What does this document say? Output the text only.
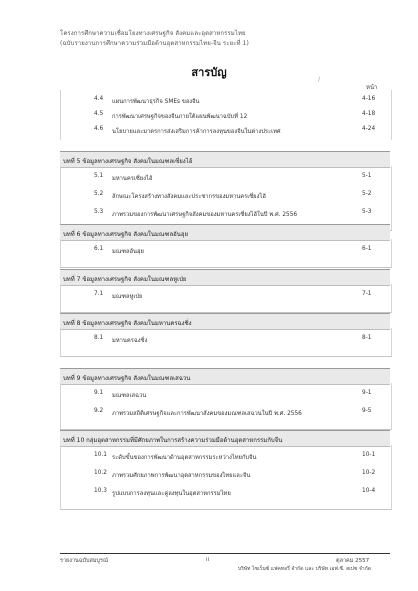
โครงการศึกษาความเชื่อมโยงทางเศรษฐกิจ สังคมและอุตสาหกรรมไทย
(ฉบับรายงานการศึกษาความร่วมมือด้านอุตสาหกรรมไทย-จีน ระยะที่ 1)
สารบัญ
/
หน้า
4.4 แผนการพัฒนาธุรกิจ SMEs ของจีน	4-16
4.5 การพัฒนาเศรษฐกิจของจีนภายใต้แผนพัฒนาฉบับที่ 12	4-18
4.6 นโยบายและมาตรการส่งเสริมการค้าการลงทุนของจีนในต่างประเทศ	4-24
บทที่ 5 ข้อมูลทางเศรษฐกิจ สังคมในมณฑลเซี่ยงไฮ้
5.1 มหานครเซี่ยงไฮ้	5-1
5.2 ลักษณะโครงสร้างทางสังคมและประชากรของมหานครเซี่ยงไฮ้	5-2
5.3 ภาพรวมของการพัฒนาเศรษฐกิจสังคมของมหานครเซี่ยงไฮ้ในปี พ.ศ. 2556	5-3
บทที่ 6 ข้อมูลทางเศรษฐกิจ สังคมในมณฑลอันฮุย
6.1 มณฑลอันฮุย	6-1
บทที่ 7 ข้อมูลทางเศรษฐกิจ สังคมในมณฑลหูเป่ย
7.1 มณฑลหูเป่ย	7-1
บทที่ 8 ข้อมูลทางเศรษฐกิจ สังคมในมหานครฉงชิ่ง
8.1 มหานครฉงชิ่ง	8-1
บทที่ 9 ข้อมูลทางเศรษฐกิจ สังคมในมณฑลเสฉวน
9.1 มณฑลเสฉวน	9-1
9.2 ภาพรวมสถิติเศรษฐกิจและการพัฒนาสังคมของมณฑลเสฉวนในปี พ.ศ. 2556	9-5
บทที่ 10 กลุ่มอุตสาหกรรมที่มีศักยภาพในการสร้างความร่วมมือด้านอุตสาหกรรมกับจีน
10.1 ระดับขั้นของการพัฒนาด้านอุตสาหกรรมระหว่างไทยกับจีน	10-1
10.2 ภาพรวมศักยภาพการพัฒนาอุตสาหกรรมของไทยและจีน	10-2
10.3 รูปแบบการลงทุนและคู่ลงทุนในอุตสาหกรรมไทย	10-4
รายงานฉบับสมบูรณ์	ii	ตุลาคม 2557
บริษัท ไซเร็นซ์ แฟคทอรี่ จำกัด และ บริษัท เอฟ.ซี. สเปซ จำกัด
